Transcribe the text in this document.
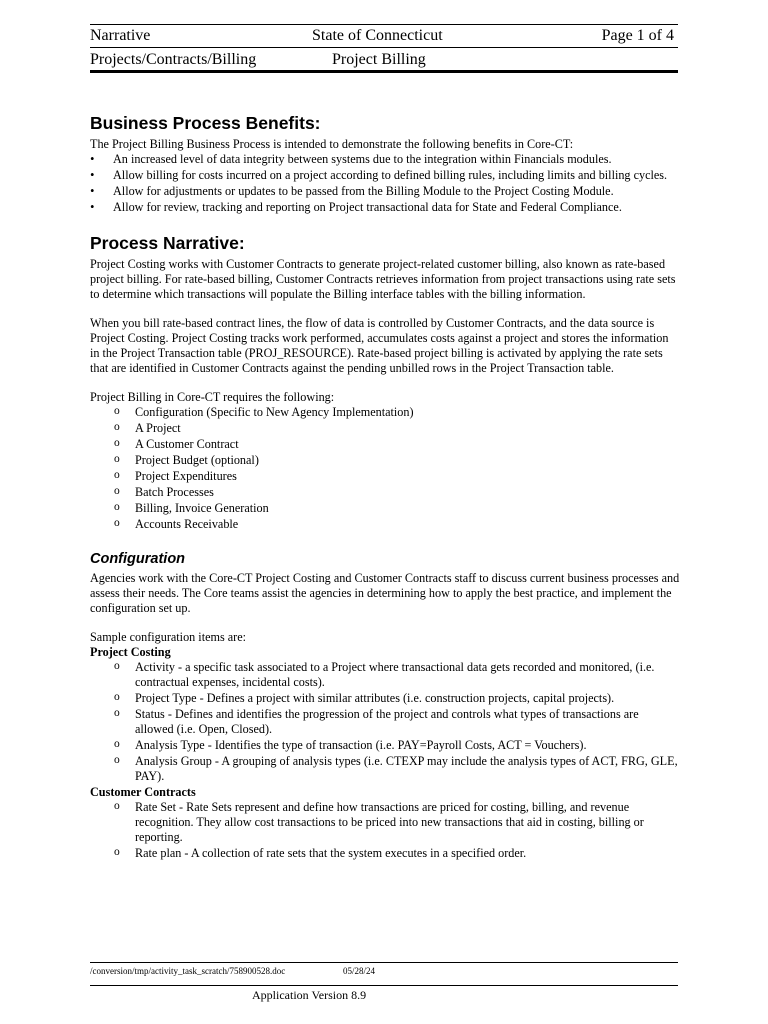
Narrative	State of Connecticut	Page 1 of 4
Projects/Contracts/Billing	Project Billing
Business Process Benefits:

The Project Billing Business Process is intended to demonstrate the following benefits in Core-CT:

• An increased level of data integrity between systems due to the integration within Financials modules.
• Allow billing for costs incurred on a project according to defined billing rules, including limits and billing cycles.
• Allow for adjustments or updates to be passed from the Billing Module to the Project Costing Module.
• Allow for review, tracking and reporting on Project transactional data for State and Federal Compliance.
Process Narrative:

Project Costing works with Customer Contracts to generate project-related customer billing, also known as rate-based project billing. For rate-based billing, Customer Contracts retrieves information from project transactions using rate sets to determine which transactions will populate the Billing interface tables with the billing information.

When you bill rate-based contract lines, the flow of data is controlled by Customer Contracts, and the data source is Project Costing. Project Costing tracks work performed, accumulates costs against a project and stores the information in the Project Transaction table (PROJ_RESOURCE). Rate-based project billing is activated by applying the rate sets that are identified in Customer Contracts against the pending unbilled rows in the Project Transaction table.

Project Billing in Core-CT requires the following:

o Configuration (Specific to New Agency Implementation)
o A Project
o A Customer Contract
o Project Budget (optional)
o Project Expenditures
o Batch Processes
o Billing, Invoice Generation
o Accounts Receivable
Configuration

Agencies work with the Core-CT Project Costing and Customer Contracts staff to discuss current business processes and assess their needs. The Core teams assist the agencies in determining how to apply the best practice, and implement the configuration set up.

Sample configuration items are:

Project Costing

o Activity - a specific task associated to a Project where transactional data gets recorded and monitored, (i.e. contractual expenses, incidental costs).
o Project Type - Defines a project with similar attributes (i.e. construction projects, capital projects).
o Status - Defines and identifies the progression of the project and controls what types of transactions are allowed (i.e. Open, Closed).
o Analysis Type - Identifies the type of transaction (i.e. PAY=Payroll Costs, ACT = Vouchers).
o Analysis Group - A grouping of analysis types (i.e. CTEXP may include the analysis types of ACT, FRG, GLE, PAY).

Customer Contracts

o Rate Set - Rate Sets represent and define how transactions are priced for costing, billing, and revenue recognition. They allow cost transactions to be priced into new transactions that aid in costing, billing or reporting.
o Rate plan - A collection of rate sets that the system executes in a specified order.
/conversion/tmp/activity_task_scratch/758900528.doc	05/28/24
Application Version 8.9
